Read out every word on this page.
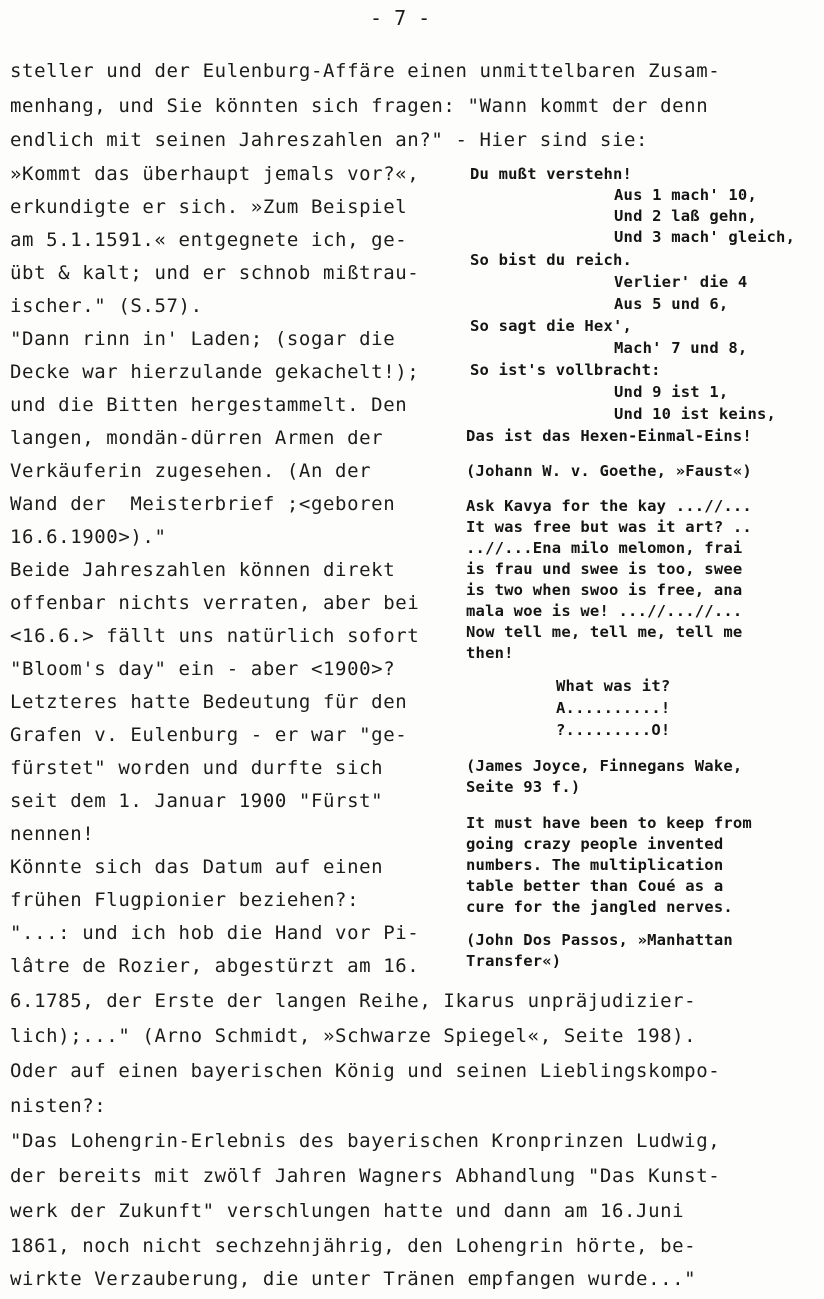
- 7 -
steller und der Eulenburg-Affäre einen unmittelbaren Zusam-
menhang, und Sie könnten sich fragen: "Wann kommt der denn
endlich mit seinen Jahreszahlen an?" - Hier sind sie:
»Kommt das überhaupt jemals vor?«,
erkundigte er sich. »Zum Beispiel
am 5.1.1591.« entgegnete ich, ge-
übt & kalt; und er schnob mißtrau-
ischer." (S.57).
"Dann rinn in' Laden; (sogar die
Decke war hierzulande gekachelt!);
und die Bitten hergestammelt. Den
langen, mondän-dürren Armen der
Verkäuferin zugesehen. (An der
Wand der  Meisterbrief ;<geboren
16.6.1900>)."
Beide Jahreszahlen können direkt
offenbar nichts verraten, aber bei
<16.6.> fällt uns natürlich sofort
"Bloom's day" ein - aber <1900>?
Letzteres hatte Bedeutung für den
Grafen v. Eulenburg - er war "ge-
fürstet" worden und durfte sich
seit dem 1. Januar 1900 "Fürst"
nennen!
Könnte sich das Datum auf einen
frühen Flugpionier beziehen?:
"...: und ich hob die Hand vor Pi-
lâtre de Rozier, abgestürzt am 16.
Du mußt verstehn!
Aus 1 mach' 10,
Und 2 laß gehn,
Und 3 mach' gleich,
So bist du reich.
Verlier' die 4
Aus 5 und 6,
So sagt die Hex',
Mach' 7 und 8,
So ist's vollbracht:
Und 9 ist 1,
Und 10 ist keins,
Das ist das Hexen-Einmal-Eins!
(Johann W. v. Goethe, »Faust«)
Ask Kavya for the kay ...//...
It was free but was it art? ..
..//...Ena milo melomon, frai
is frau und swee is too, swee
is two when swoo is free, ana
mala woe is we! ...//...//...
Now tell me, tell me, tell me
then!
What was it?
A..........!
?.........O!
(James Joyce, Finnegans Wake,
Seite 93 f.)
It must have been to keep from
going crazy people invented
numbers. The multiplication
table better than Coué as a
cure for the jangled nerves.
(John Dos Passos, »Manhattan
Transfer«)
6.1785, der Erste der langen Reihe, Ikarus unpräjudizier-
lich);..." (Arno Schmidt, »Schwarze Spiegel«, Seite 198).
Oder auf einen bayerischen König und seinen Lieblingskompo-
nisten?:
"Das Lohengrin-Erlebnis des bayerischen Kronprinzen Ludwig,
der bereits mit zwölf Jahren Wagners Abhandlung "Das Kunst-
werk der Zukunft" verschlungen hatte und dann am 16.Juni
1861, noch nicht sechzehnjährig, den Lohengrin hörte, be-
wirkte Verzauberung, die unter Tränen empfangen wurde..."
